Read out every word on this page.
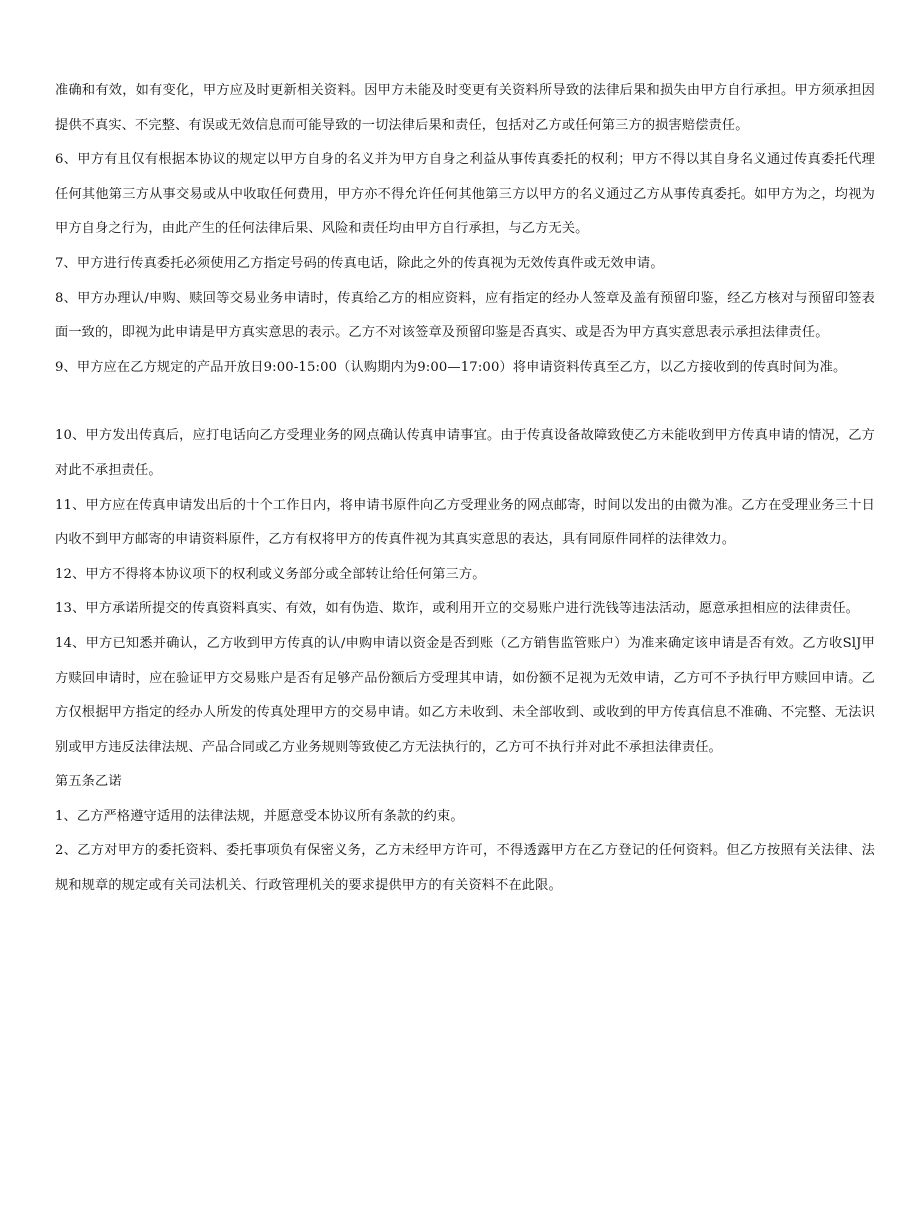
准确和有效，如有变化，甲方应及时更新相关资料。因甲方未能及时变更有关资料所导致的法律后果和损失由甲方自行承担。甲方须承担因提供不真实、不完整、有误或无效信息而可能导致的一切法律后果和责任，包括对乙方或任何第三方的损害赔偿责任。

6、甲方有且仅有根据本协议的规定以甲方自身的名义并为甲方自身之利益从事传真委托的权利；甲方不得以其自身名义通过传真委托代理任何其他第三方从事交易或从中收取任何费用，甲方亦不得允许任何其他第三方以甲方的名义通过乙方从事传真委托。如甲方为之，均视为甲方自身之行为，由此产生的任何法律后果、风险和责任均由甲方自行承担，与乙方无关。

7、甲方进行传真委托必须使用乙方指定号码的传真电话，除此之外的传真视为无效传真件或无效申请。

8、甲方办理认/申购、赎回等交易业务申请时，传真给乙方的相应资料，应有指定的经办人签章及盖有预留印鉴，经乙方核对与预留印签表面一致的，即视为此申请是甲方真实意思的表示。乙方不对该签章及预留印鉴是否真实、或是否为甲方真实意思表示承担法律责任。

9、甲方应在乙方规定的产品开放日9:00-15:00（认购期内为9:00—17:00）将申请资料传真至乙方，以乙方接收到的传真时间为准。

10、甲方发出传真后，应打电话向乙方受理业务的网点确认传真申请事宜。由于传真设备故障致使乙方未能收到甲方传真申请的情况，乙方对此不承担责任。

11、甲方应在传真申请发出后的十个工作日内，将申请书原件向乙方受理业务的网点邮寄，时间以发出的由微为准。乙方在受理业务三十日内收不到甲方邮寄的申请资料原件，乙方有权将甲方的传真件视为其真实意思的表达，具有同原件同样的法律效力。

12、甲方不得将本协议项下的权利或义务部分或全部转让给任何第三方。

13、甲方承诺所提交的传真资料真实、有效，如有伪造、欺诈，或利用开立的交易账户进行洗钱等违法活动，愿意承担相应的法律责任。

14、甲方已知悉并确认，乙方收到甲方传真的认/申购申请以资金是否到账（乙方销售监管账户）为准来确定该申请是否有效。乙方收SlJ甲方赎回申请时，应在验证甲方交易账户是否有足够产品份额后方受理其申请，如份额不足视为无效申请，乙方可不予执行甲方赎回申请。乙方仅根据甲方指定的经办人所发的传真处理甲方的交易申请。如乙方未收到、未全部收到、或收到的甲方传真信息不准确、不完整、无法识别或甲方违反法律法规、产品合同或乙方业务规则等致使乙方无法执行的，乙方可不执行并对此不承担法律责任。

第五条乙诺

1、乙方严格遵守适用的法律法规，并愿意受本协议所有条款的约束。

2、乙方对甲方的委托资料、委托事项负有保密义务，乙方未经甲方许可，不得透露甲方在乙方登记的任何资料。但乙方按照有关法律、法规和规章的规定或有关司法机关、行政管理机关的要求提供甲方的有关资料不在此限。
